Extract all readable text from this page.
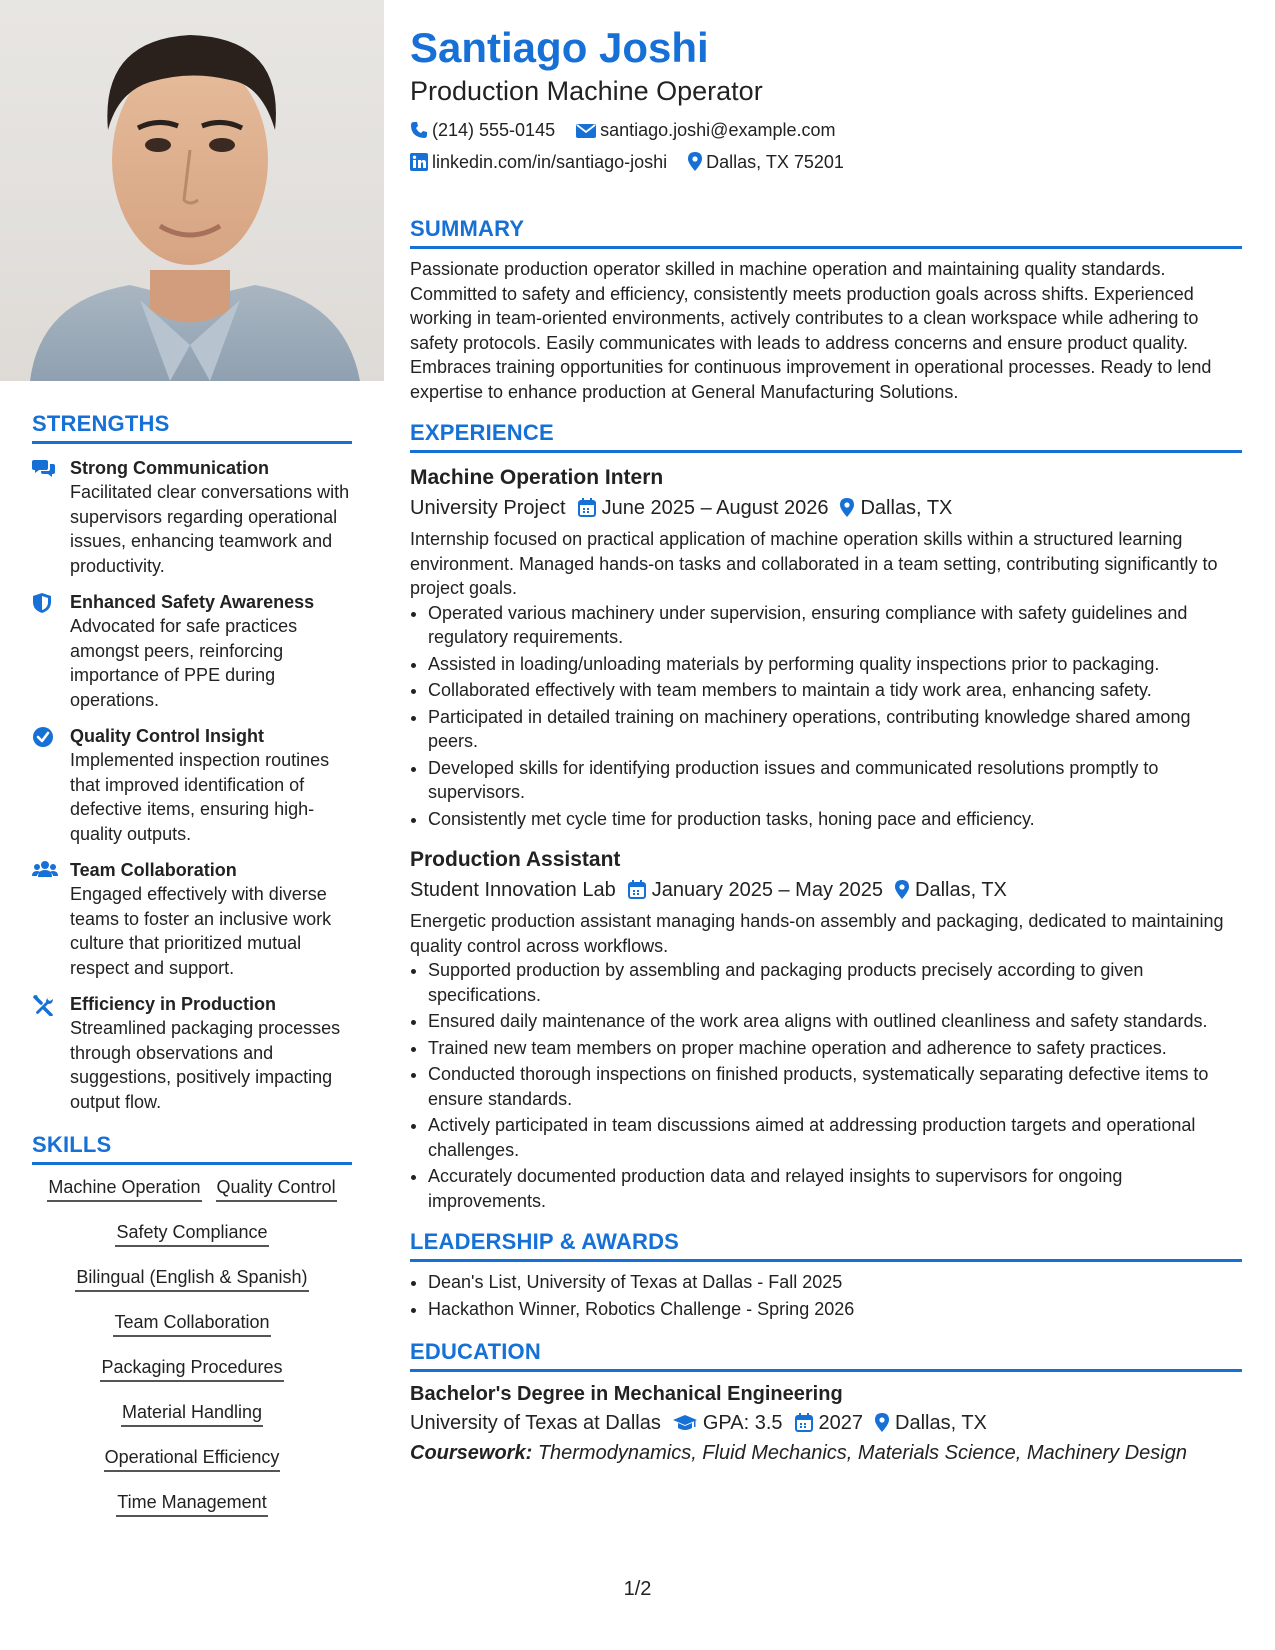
STRENGTHS
Strong Communication
Facilitated clear conversations with supervisors regarding operational issues, enhancing teamwork and productivity.
Enhanced Safety Awareness
Advocated for safe practices amongst peers, reinforcing importance of PPE during operations.
Quality Control Insight
Implemented inspection routines that improved identification of defective items, ensuring high-quality outputs.
Team Collaboration
Engaged effectively with diverse teams to foster an inclusive work culture that prioritized mutual respect and support.
Efficiency in Production
Streamlined packaging processes through observations and suggestions, positively impacting output flow.
SKILLS
Machine Operation Quality Control
Safety Compliance
Bilingual (English & Spanish)
Team Collaboration
Packaging Procedures
Material Handling
Operational Efficiency
Time Management
Santiago Joshi
Production Machine Operator
(214) 555-0145	santiago.joshi@example.com
linkedin.com/in/santiago-joshi Dallas, TX 75201
SUMMARY

Passionate production operator skilled in machine operation and maintaining quality standards. Committed to safety and efficiency, consistently meets production goals across shifts. Experienced working in team-oriented environments, actively contributes to a clean workspace while adhering to safety protocols. Easily communicates with leads to address concerns and ensure product quality. Embraces training opportunities for continuous improvement in operational processes. Ready to lend expertise to enhance production at General Manufacturing Solutions.

EXPERIENCE
Machine Operation Intern
University Project June 2025 – August 2026 Dallas, TX

Internship focused on practical application of machine operation skills within a structured learning environment. Managed hands-on tasks and collaborated in a team setting, contributing significantly to project goals.

• Operated various machinery under supervision, ensuring compliance with safety guidelines and regulatory requirements.
• Assisted in loading/unloading materials by performing quality inspections prior to packaging.
• Collaborated effectively with team members to maintain a tidy work area, enhancing safety.
• Participated in detailed training on machinery operations, contributing knowledge shared among peers.
• Developed skills for identifying production issues and communicated resolutions promptly to supervisors.
• Consistently met cycle time for production tasks, honing pace and efficiency.
Production Assistant
Student Innovation Lab January 2025 – May 2025 Dallas, TX

Energetic production assistant managing hands-on assembly and packaging, dedicated to maintaining quality control across workflows.

• Supported production by assembling and packaging products precisely according to given specifications.
• Ensured daily maintenance of the work area aligns with outlined cleanliness and safety standards.
• Trained new team members on proper machine operation and adherence to safety practices.
• Conducted thorough inspections on finished products, systematically separating defective items to ensure standards.
• Actively participated in team discussions aimed at addressing production targets and operational challenges.
• Accurately documented production data and relayed insights to supervisors for ongoing improvements.
LEADERSHIP & AWARDS
• Dean's List, University of Texas at Dallas - Fall 2025
• Hackathon Winner, Robotics Challenge - Spring 2026
EDUCATION
Bachelor's Degree in Mechanical Engineering
University of Texas at Dallas GPA: 3.5 2027 Dallas, TX
Coursework: Thermodynamics, Fluid Mechanics, Materials Science, Machinery Design
1/2
